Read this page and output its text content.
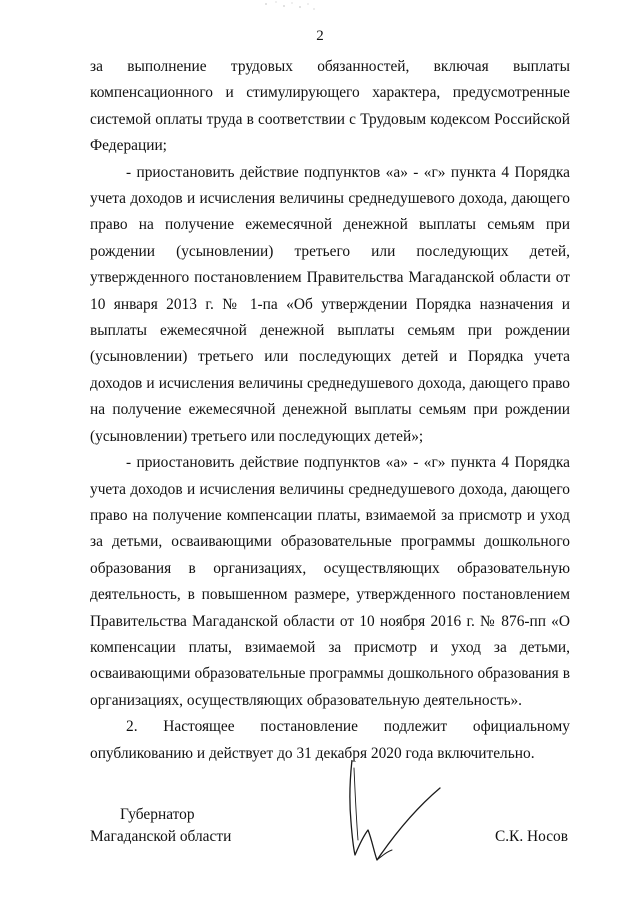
2

за выполнение трудовых обязанностей, включая выплаты компенсационного и стимулирующего характера, предусмотренные системой оплаты труда в соответствии с Трудовым кодексом Российской Федерации;

- приостановить действие подпунктов «а» - «г» пункта 4 Порядка учета доходов и исчисления величины среднедушевого дохода, дающего право на получение ежемесячной денежной выплаты семьям при рождении (усыновлении) третьего или последующих детей, утвержденного постановлением Правительства Магаданской области от 10 января 2013 г. № 1-па «Об утверждении Порядка назначения и выплаты ежемесячной денежной выплаты семьям при рождении (усыновлении) третьего или последующих детей и Порядка учета доходов и исчисления величины среднедушевого дохода, дающего право на получение ежемесячной денежной выплаты семьям при рождении (усыновлении) третьего или последующих детей»;

- приостановить действие подпунктов «а» - «г» пункта 4 Порядка учета доходов и исчисления величины среднедушевого дохода, дающего право на получение компенсации платы, взимаемой за присмотр и уход за детьми, осваивающими образовательные программы дошкольного образования в организациях, осуществляющих образовательную деятельность, в повышенном размере, утвержденного постановлением Правительства Магаданской области от 10 ноября 2016 г. № 876-пп «О компенсации платы, взимаемой за присмотр и уход за детьми, осваивающими образовательные программы дошкольного образования в организациях, осуществляющих образовательную деятельность».

2. Настоящее постановление подлежит официальному опубликованию и действует до 31 декабря 2020 года включительно.

Губернатор
Магаданской области	С.К. Носов
